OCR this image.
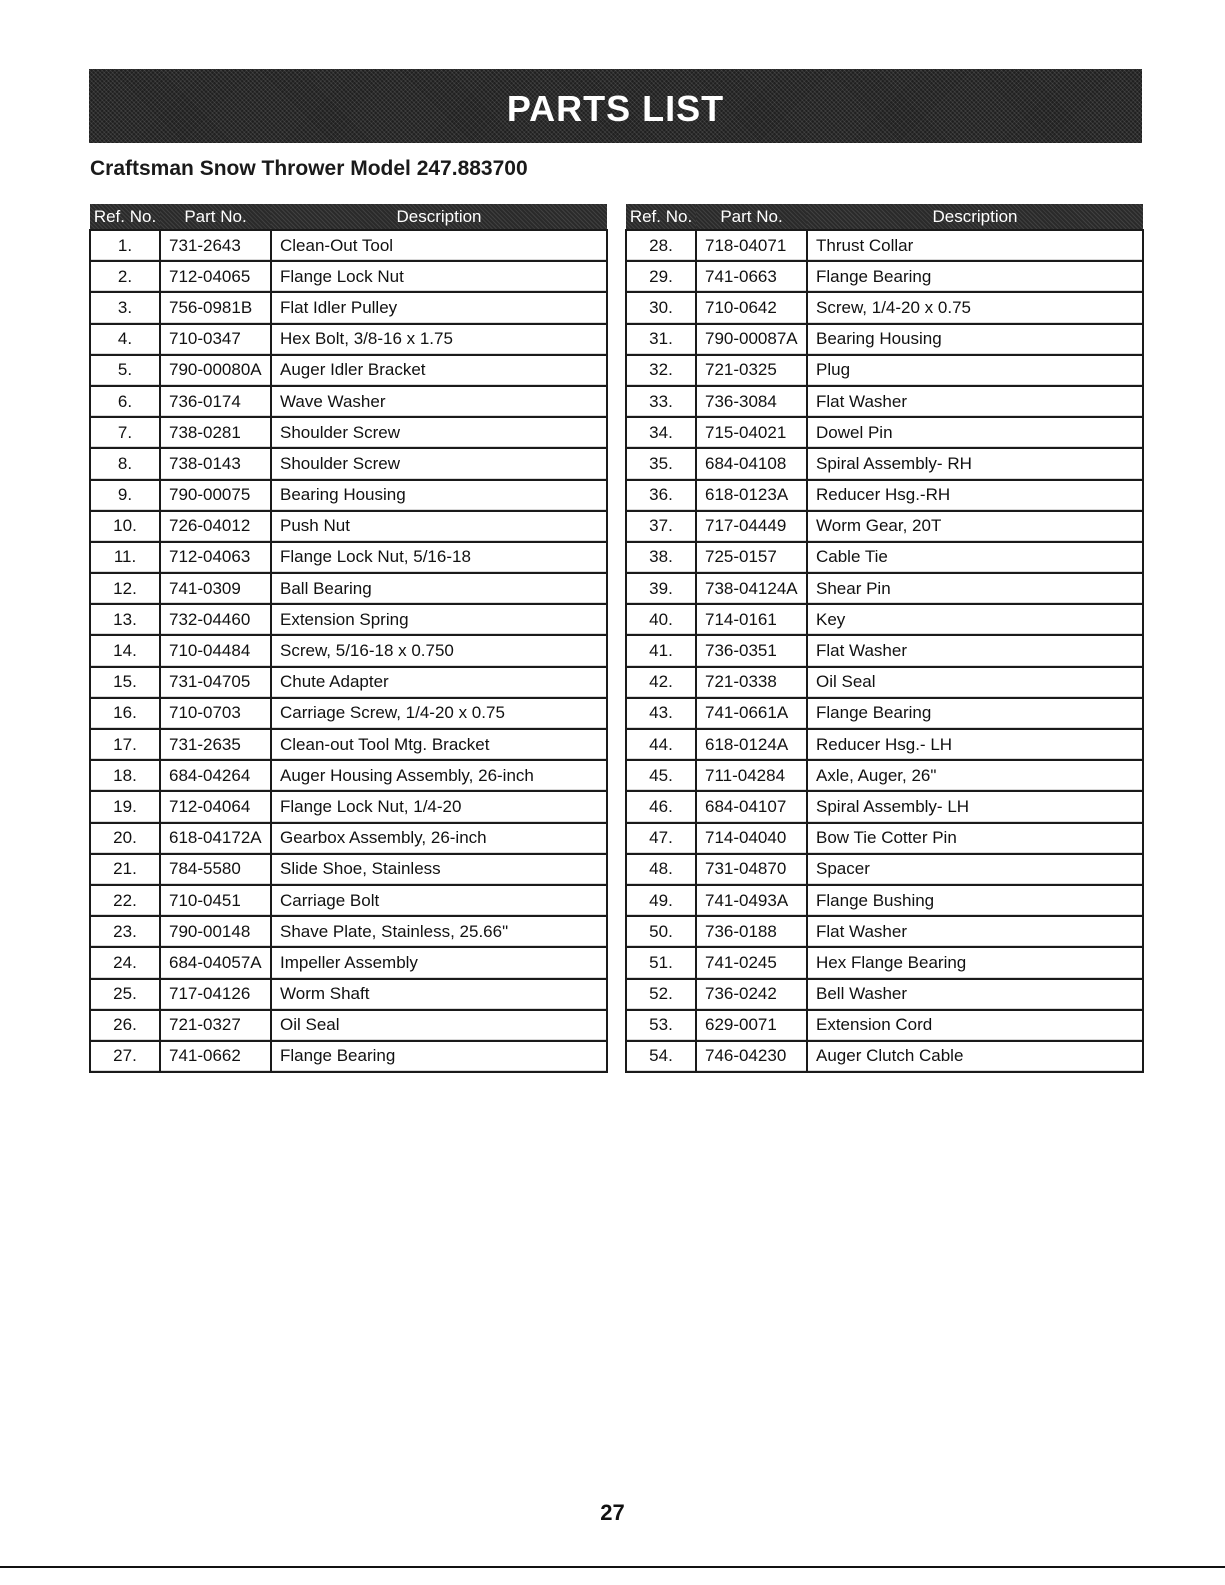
PARTS LIST
Craftsman Snow Thrower Model 247.883700
Ref. No.	Part No.	Description
1.	731-2643	Clean-Out Tool
2.	712-04065	Flange Lock Nut
3.	756-0981B	Flat Idler Pulley
4.	710-0347	Hex Bolt, 3/8-16 x 1.75
5.	790-00080A	Auger Idler Bracket
6.	736-0174	Wave Washer
7.	738-0281	Shoulder Screw
8.	738-0143	Shoulder Screw
9.	790-00075	Bearing Housing
10.	726-04012	Push Nut
11.	712-04063	Flange Lock Nut, 5/16-18
12.	741-0309	Ball Bearing
13.	732-04460	Extension Spring
14.	710-04484	Screw, 5/16-18 x 0.750
15.	731-04705	Chute Adapter
16.	710-0703	Carriage Screw, 1/4-20 x 0.75
17.	731-2635	Clean-out Tool Mtg. Bracket
18.	684-04264	Auger Housing Assembly, 26-inch
19.	712-04064	Flange Lock Nut, 1/4-20
20.	618-04172A	Gearbox Assembly, 26-inch
21.	784-5580	Slide Shoe, Stainless
22.	710-0451	Carriage Bolt
23.	790-00148	Shave Plate, Stainless, 25.66"
24.	684-04057A	Impeller Assembly
25.	717-04126	Worm Shaft
26.	721-0327	Oil Seal
27.	741-0662	Flange Bearing
Ref. No.	Part No.	Description
28.	718-04071	Thrust Collar
29.	741-0663	Flange Bearing
30.	710-0642	Screw, 1/4-20 x 0.75
31.	790-00087A	Bearing Housing
32.	721-0325	Plug
33.	736-3084	Flat Washer
34.	715-04021	Dowel Pin
35.	684-04108	Spiral Assembly- RH
36.	618-0123A	Reducer Hsg.-RH
37.	717-04449	Worm Gear, 20T
38.	725-0157	Cable Tie
39.	738-04124A	Shear Pin
40.	714-0161	Key
41.	736-0351	Flat Washer
42.	721-0338	Oil Seal
43.	741-0661A	Flange Bearing
44.	618-0124A	Reducer Hsg.- LH
45.	711-04284	Axle, Auger, 26"
46.	684-04107	Spiral Assembly- LH
47.	714-04040	Bow Tie Cotter Pin
48.	731-04870	Spacer
49.	741-0493A	Flange Bushing
50.	736-0188	Flat Washer
51.	741-0245	Hex Flange Bearing
52.	736-0242	Bell Washer
53.	629-0071	Extension Cord
54.	746-04230	Auger Clutch Cable
27
